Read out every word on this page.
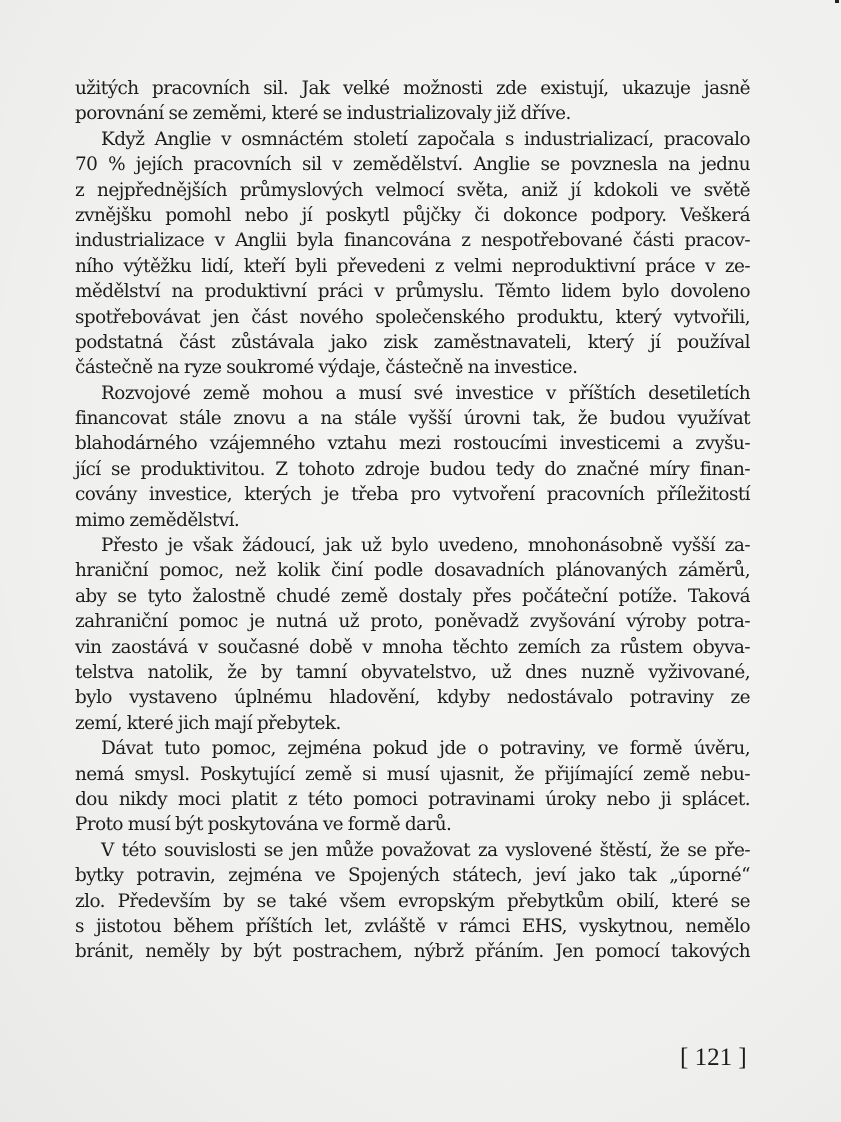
užitých pracovních sil. Jak velké možnosti zde existují, ukazuje jasně
porovnání se zeměmi, které se industrializovaly již dříve.
Když Anglie v osmnáctém století započala s industrializací, pracovalo
70 % jejích pracovních sil v zemědělství. Anglie se povznesla na jednu
z nejpřednějších průmyslových velmocí světa, aniž jí kdokoli ve světě
zvnějšku pomohl nebo jí poskytl půjčky či dokonce podpory. Veškerá
industrializace v Anglii byla financována z nespotřebované části pracov-
ního výtěžku lidí, kteří byli převedeni z velmi neproduktivní práce v ze-
mědělství na produktivní práci v průmyslu. Těmto lidem bylo dovoleno
spotřebovávat jen část nového společenského produktu, který vytvořili,
podstatná část zůstávala jako zisk zaměstnavateli, který jí používal
částečně na ryze soukromé výdaje, částečně na investice.
Rozvojové země mohou a musí své investice v příštích desetiletích
financovat stále znovu a na stále vyšší úrovni tak, že budou využívat
blahodárného vzájemného vztahu mezi rostoucími investicemi a zvyšu-
jící se produktivitou. Z tohoto zdroje budou tedy do značné míry finan-
covány investice, kterých je třeba pro vytvoření pracovních příležitostí
mimo zemědělství.
Přesto je však žádoucí, jak už bylo uvedeno, mnohonásobně vyšší za-
hraniční pomoc, než kolik činí podle dosavadních plánovaných záměrů,
aby se tyto žalostně chudé země dostaly přes počáteční potíže. Taková
zahraniční pomoc je nutná už proto, poněvadž zvyšování výroby potra-
vin zaostává v současné době v mnoha těchto zemích za růstem obyva-
telstva natolik, že by tamní obyvatelstvo, už dnes nuzně vyživované,
bylo vystaveno úplnému hladovění, kdyby nedostávalo potraviny ze
zemí, které jich mají přebytek.
Dávat tuto pomoc, zejména pokud jde o potraviny, ve formě úvěru,
nemá smysl. Poskytující země si musí ujasnit, že přijímající země nebu-
dou nikdy moci platit z této pomoci potravinami úroky nebo ji splácet.
Proto musí být poskytována ve formě darů.
V této souvislosti se jen může považovat za vyslovené štěstí, že se pře-
bytky potravin, zejména ve Spojených státech, jeví jako tak „úporné“
zlo. Především by se také všem evropským přebytkům obilí, které se
s jistotou během příštích let, zvláště v rámci EHS, vyskytnou, nemělo
bránit, neměly by být postrachem, nýbrž přáním. Jen pomocí takových
[ 121 ]
